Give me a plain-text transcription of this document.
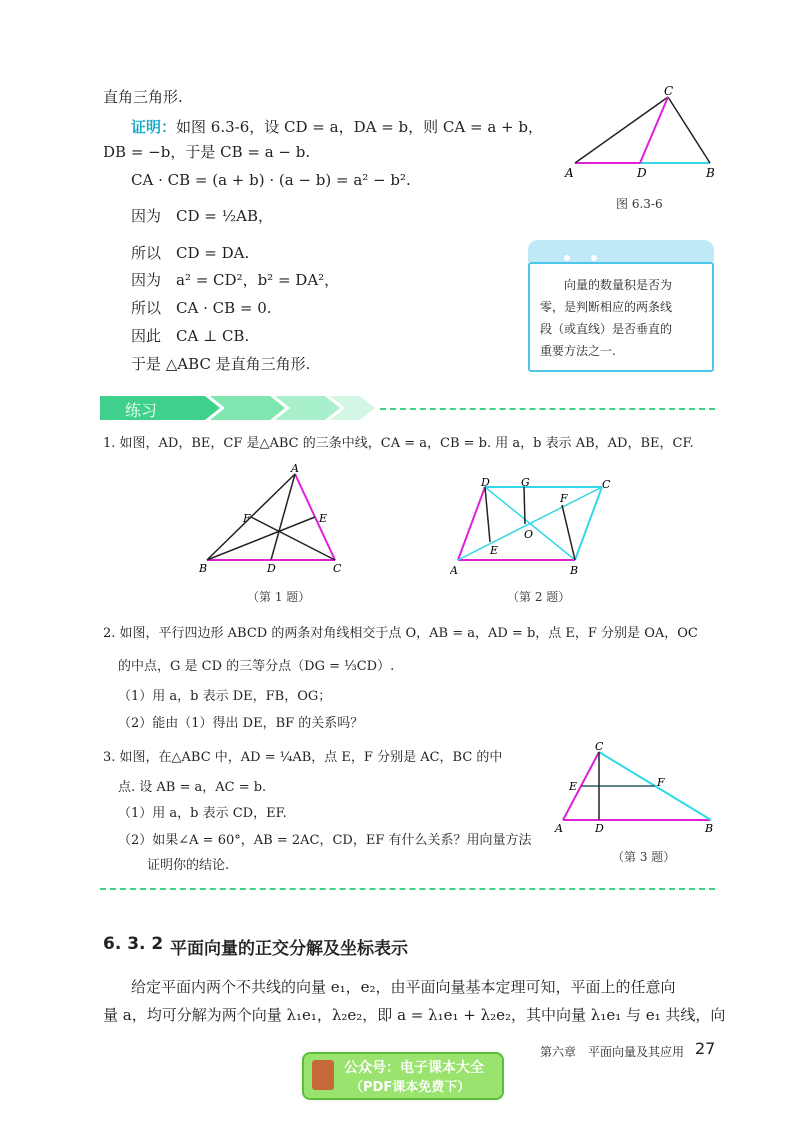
直角三角形.
证明：如图 6.3-6，设 CD = a，DA = b，则 CA = a + b，
DB = −b，于是 CB = a − b.
CA · CB = (a + b) · (a − b) = a² − b².
因为　CD = ½AB，
所以　CD = DA.
因为　a² = CD²，b² = DA²，
所以　CA · CB = 0.
因此　CA ⊥ CB.
于是 △ABC 是直角三角形.
A	D	B
C
图 6.3-6

向量的数量积是否为
零，是判断相应的两条线
段（或直线）是否垂直的
重要方法之一.
练习
1. 如图，AD，BE，CF 是△ABC 的三条中线，CA = a，CB = b. 用 a，b 表示 AB，AD，BE，CF.
A
B	C
D
E
F
（第 1 题）
D	G	C
F
O
E
A	B
（第 2 题）
2. 如图，平行四边形 ABCD 的两条对角线相交于点 O，AB = a，AD = b，点 E，F 分别是 OA，OC
的中点，G 是 CD 的三等分点（DG = ⅓CD）.
（1）用 a，b 表示 DE，FB，OG；
（2）能由（1）得出 DE，BF 的关系吗？
3. 如图，在△ABC 中，AD = ¼AB，点 E，F 分别是 AC，BC 的中
点. 设 AB = a，AC = b.
（1）用 a，b 表示 CD，EF.
（2）如果∠A = 60°，AB = 2AC，CD，EF 有什么关系？用向量方法
证明你的结论.
C
E	F
A	D	B
（第 3 题）
6. 3. 2 平面向量的正交分解及坐标表示
给定平面内两个不共线的向量 e₁，e₂，由平面向量基本定理可知，平面上的任意向
量 a，均可分解为两个向量 λ₁e₁，λ₂e₂，即 a = λ₁e₁ + λ₂e₂，其中向量 λ₁e₁ 与 e₁ 共线，向
第六章　平面向量及其应用 27
公众号：电子课本大全
（PDF课本免费下）
